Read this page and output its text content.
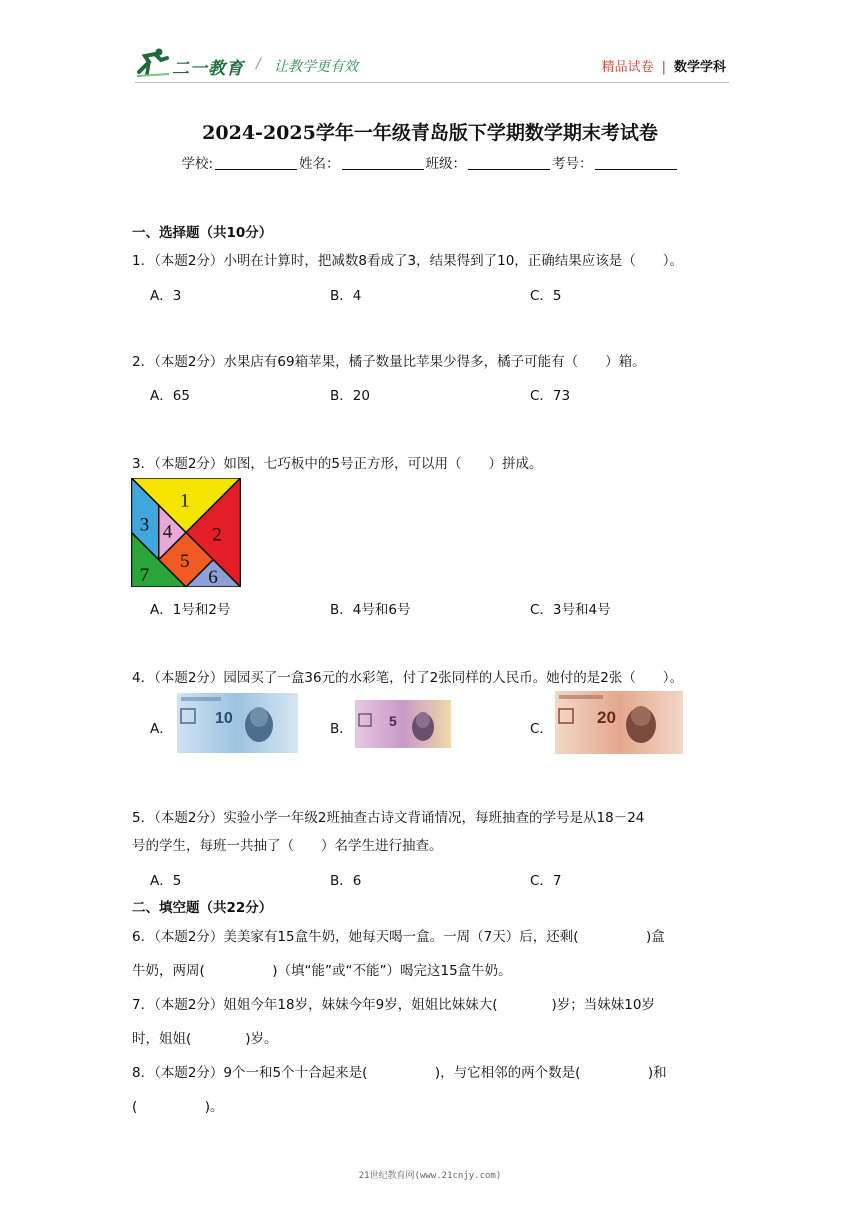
二一教育 / 让教学更有效	精品试卷 | 数学学科
2024-2025学年一年级青岛版下学期数学期末考试卷
学校:	姓名：	班级：	考号：
一、选择题（共10分）
1．（本题2分）小明在计算时，把减数8看成了3，结果得到了10，正确结果应该是（　　）。
A．3	B．4	C．5
2．（本题2分）水果店有69箱苹果，橘子数量比苹果少得多，橘子可能有（　　）箱。
A．65	B．20	C．73
3．（本题2分）如图，七巧板中的5号正方形，可以用（　　）拼成。
1
2
3 4
5
6
7
A．1号和2号	B．4号和6号	C．3号和4号
4．（本题2分）园园买了一盒36元的水彩笔，付了2张同样的人民币。她付的是2张（　　）。
A．
10
B．	5	C．
20
5．（本题2分）实验小学一年级2班抽查古诗文背诵情况，每班抽查的学号是从18－24
号的学生，每班一共抽了（　　）名学生进行抽查。
A．5	B．6	C．7
二、填空题（共22分）
6．（本题2分）美美家有15盒牛奶，她每天喝一盒。一周（7天）后，还剩(　　　　　)盒
牛奶，两周(　　　　　)（填“能”或“不能”）喝完这15盒牛奶。
7．（本题2分）姐姐今年18岁，妹妹今年9岁，姐姐比妹妹大(　　　　)岁；当妹妹10岁
时，姐姐(　　　　)岁。
8．（本题2分）9个一和5个十合起来是(　　　　　)，与它相邻的两个数是(　　　　　)和
(　　　　　)。
21世纪教育网(www.21cnjy.com)
